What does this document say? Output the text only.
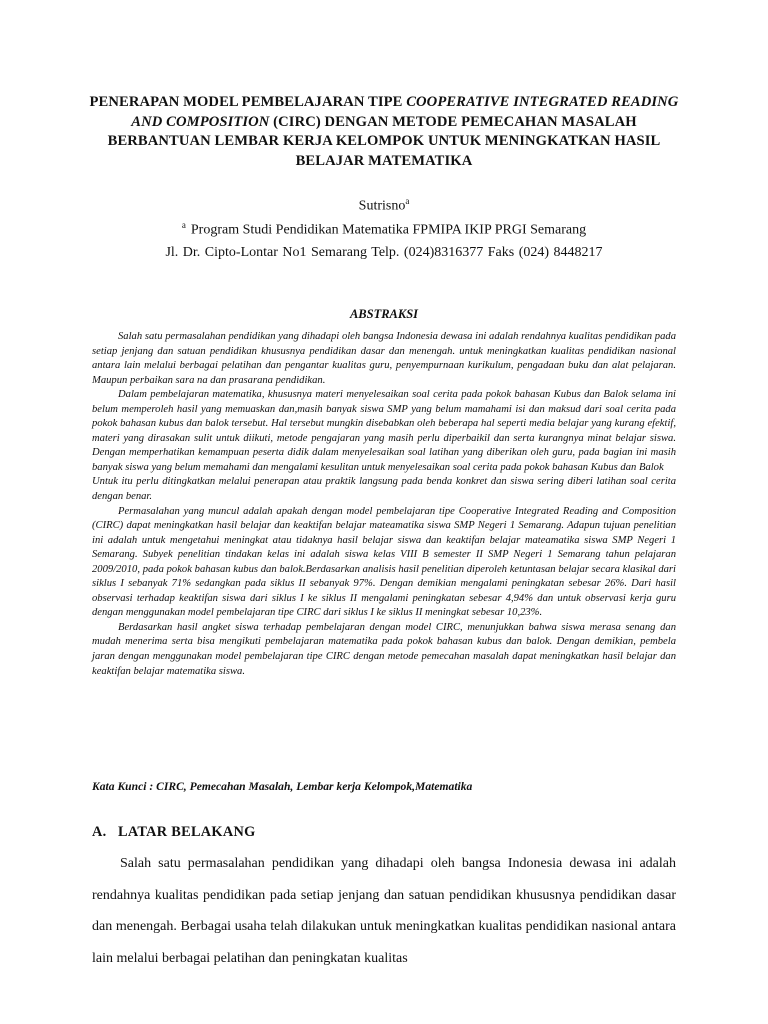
PENERAPAN MODEL PEMBELAJARAN TIPE COOPERATIVE INTEGRATED READING AND COMPOSITION (CIRC) DENGAN METODE PEMECAHAN MASALAH BERBANTUAN LEMBAR KERJA KELOMPOK UNTUK MENINGKATKAN HASIL BELAJAR MATEMATIKA
Sutrisno$^a$
$^a$ Program Studi Pendidikan Matematika FPMIPA IKIP PRGI Semarang
Jl. Dr. Cipto-Lontar No1 Semarang Telp. (024)8316377 Faks (024) 8448217
ABSTRAKSI

Salah satu permasalahan pendidikan yang dihadapi oleh bangsa Indonesia dewasa ini adalah rendahnya kualitas pendidikan pada setiap jenjang dan satuan pendidikan khususnya pendidikan dasar dan menengah. untuk meningkatkan kualitas pendidikan nasional antara lain melalui berbagai pelatihan dan pengantar kualitas guru, penyempurnaan kurikulum, pengadaan buku dan alat pelajaran. Maupun perbaikan sara na dan prasarana pendidikan.

Dalam pembelajaran matematika, khususnya materi menyelesaikan soal cerita pada pokok bahasan Kubus dan Balok selama ini belum memperoleh hasil yang memuaskan dan,masih banyak siswa SMP yang belum mamahami isi dan maksud dari soal cerita pada pokok bahasan kubus dan balok tersebut. Hal tersebut mungkin disebabkan oleh beberapa hal seperti media belajar yang kurang efektif, materi yang dirasakan sulit untuk diikuti, metode pengajaran yang masih perlu diperbaikil dan serta kurangnya minat belajar siswa. Dengan memperhatikan kemampuan peserta didik dalam menyelesaikan soal latihan yang diberikan oleh guru, pada bagian ini masih banyak siswa yang belum memahami dan mengalami kesulitan untuk menyelesaikan soal cerita pada pokok bahasan Kubus dan Balok

Untuk itu perlu ditingkatkan melalui penerapan atau praktik langsung pada benda konkret dan siswa sering diberi latihan soal cerita dengan benar.

Permasalahan yang muncul adalah apakah dengan model pembelajaran tipe Cooperative Integrated Reading and Composition (CIRC) dapat meningkatkan hasil belajar dan keaktifan belajar mateamatika siswa SMP Negeri 1 Semarang. Adapun tujuan penelitian ini adalah untuk mengetahui meningkat atau tidaknya hasil belajar siswa dan keaktifan belajar mateamatika siswa SMP Negeri 1 Semarang. Subyek penelitian tindakan kelas ini adalah siswa kelas VIII B semester II SMP Negeri 1 Semarang tahun pelajaran 2009/2010, pada pokok bahasan kubus dan balok.Berdasarkan analisis hasil penelitian diperoleh ketuntasan belajar secara klasikal dari siklus I sebanyak 71% sedangkan pada siklus II sebanyak 97%. Dengan demikian mengalami peningkatan sebesar 26%. Dari hasil observasi terhadap keaktifan siswa dari siklus I ke siklus II mengalami peningkatan sebesar 4,94% dan untuk observasi kerja guru dengan menggunakan model pembelajaran tipe CIRC dari siklus I ke siklus II meningkat sebesar 10,23%.

Berdasarkan hasil angket siswa terhadap pembelajaran dengan model CIRC, menunjukkan bahwa siswa merasa senang dan mudah menerima serta bisa mengikuti pembelajaran matematika pada pokok bahasan kubus dan balok. Dengan demikian, pembela jaran dengan menggunakan model pembelajaran tipe CIRC dengan metode pemecahan masalah dapat meningkatkan hasil belajar dan keaktifan belajar matematika siswa.

Kata Kunci : CIRC, Pemecahan Masalah, Lembar kerja Kelompok,Matematika
A. LATAR BELAKANG

Salah satu permasalahan pendidikan yang dihadapi oleh bangsa Indonesia dewasa ini adalah rendahnya kualitas pendidikan pada setiap jenjang dan satuan pendidikan khususnya pendidikan dasar dan menengah. Berbagai usaha telah dilakukan untuk meningkatkan kualitas pendidikan nasional antara lain melalui berbagai pelatihan dan peningkatan kualitas
